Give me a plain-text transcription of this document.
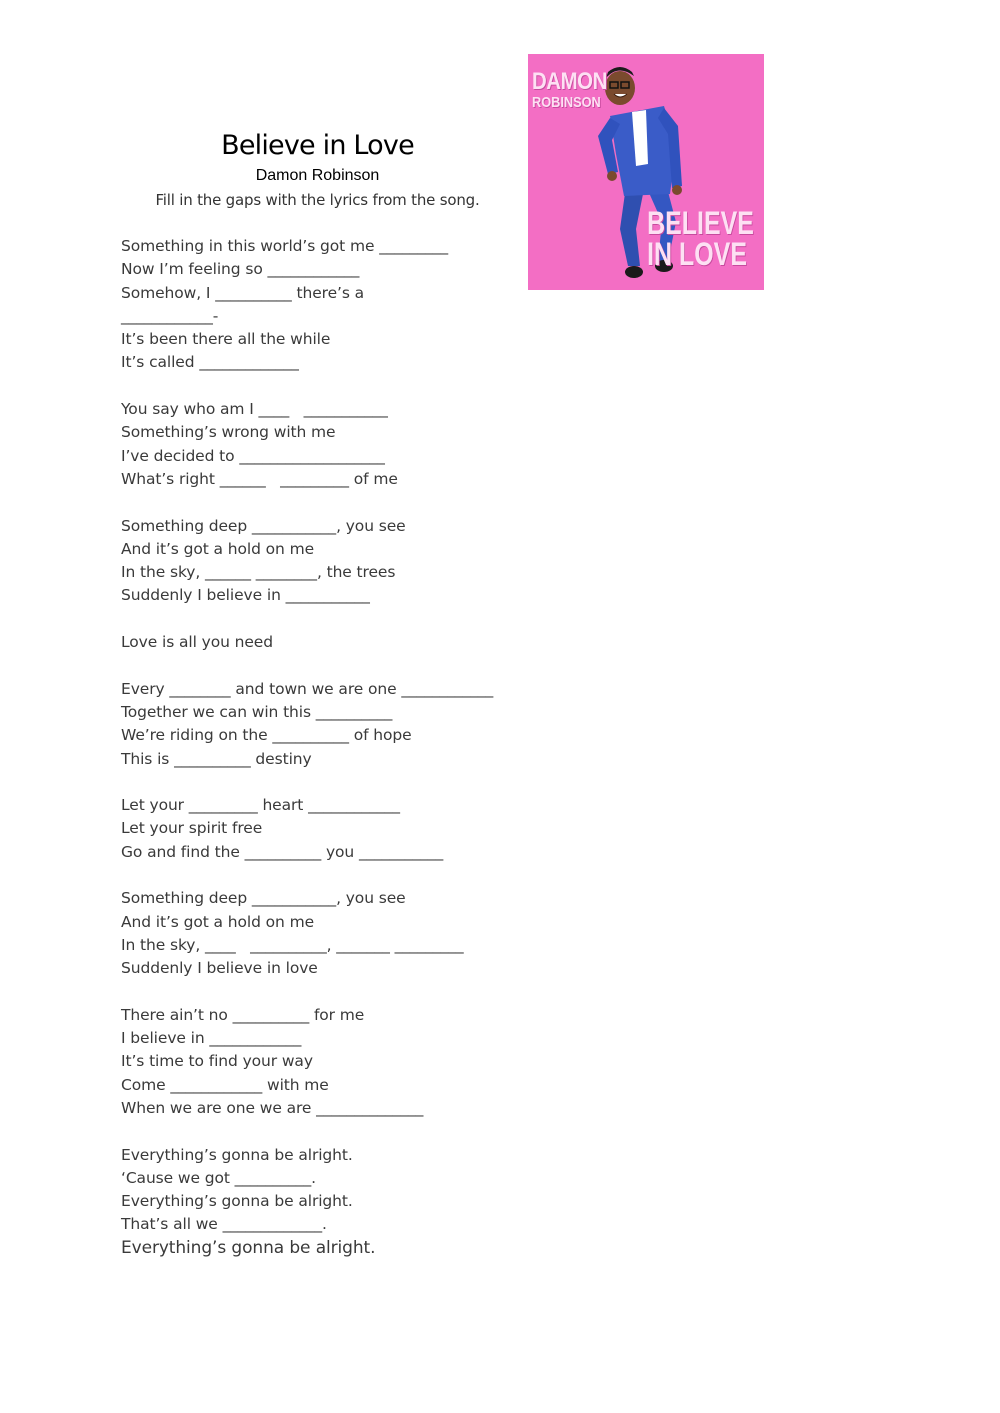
Believe in Love
Damon Robinson
Fill in the gaps with the lyrics from the song.
DAMON
ROBINSON
BELIEVE
IN LOVE
Something in this world’s got me _________
Now I’m feeling so ____________
Somehow, I __________ there’s a
____________-
It’s been there all the while
It’s called _____________
You say who am I ____   ___________
Something’s wrong with me
I’ve decided to ___________________
What’s right ______   _________ of me
Something deep ___________, you see
And it’s got a hold on me
In the sky, ______ ________, the trees
Suddenly I believe in ___________
Love is all you need
Every ________ and town we are one ____________
Together we can win this __________
We’re riding on the __________ of hope
This is __________ destiny
Let your _________ heart ____________
Let your spirit free
Go and find the __________ you ___________
Something deep ___________, you see
And it’s got a hold on me
In the sky, ____   __________, _______ _________
Suddenly I believe in love
There ain’t no __________ for me
I believe in ____________
It’s time to find your way
Come ____________ with me
When we are one we are ______________
Everything’s gonna be alright.
‘Cause we got __________.
Everything’s gonna be alright.
That’s all we _____________.
Everything’s gonna be alright.
